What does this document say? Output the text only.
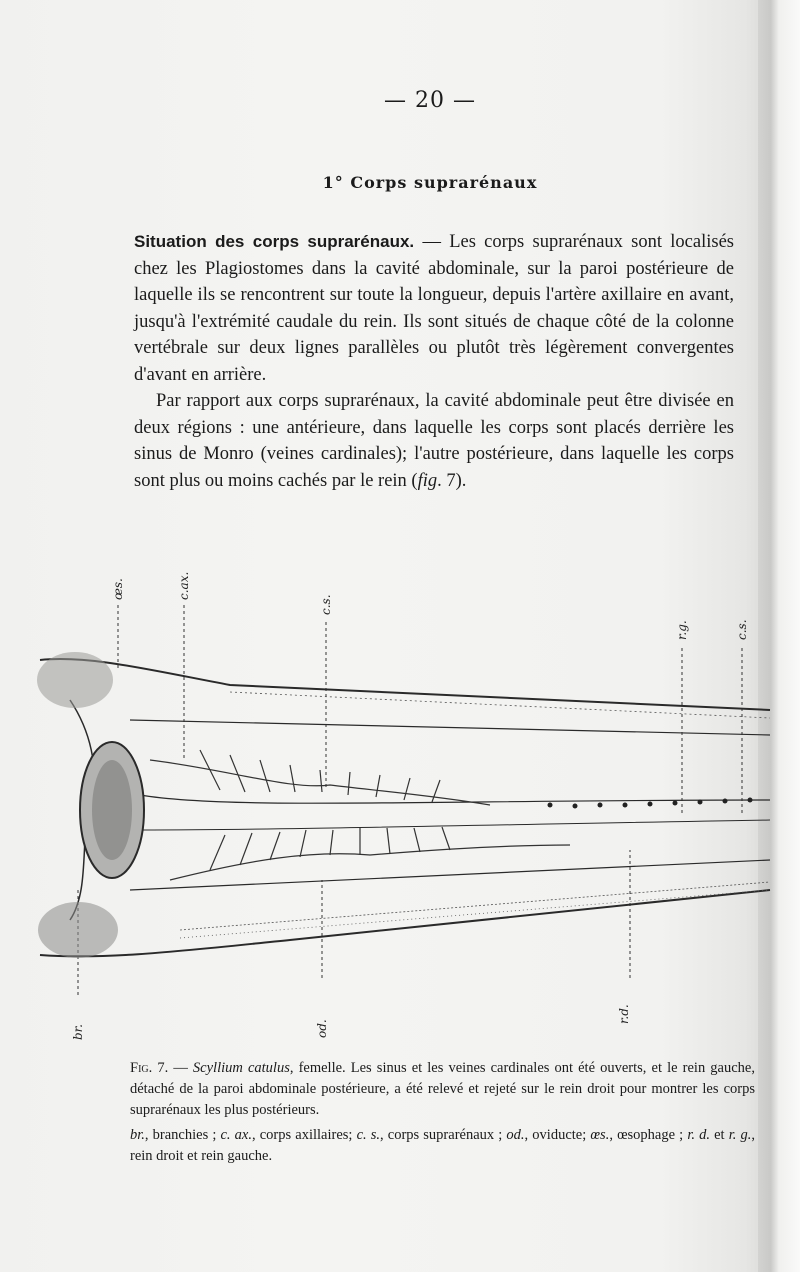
— 20 —
1° Corps suprarénaux

Situation des corps suprarénaux. — Les corps suprarénaux sont localisés chez les Plagiostomes dans la cavité abdominale, sur la paroi postérieure de laquelle ils se rencontrent sur toute la longueur, depuis l'artère axillaire en avant, jusqu'à l'extrémité caudale du rein. Ils sont situés de chaque côté de la colonne vertébrale sur deux lignes parallèles ou plutôt très légèrement convergentes d'avant en arrière.

Par rapport aux corps suprarénaux, la cavité abdominale peut être divisée en deux régions : une antérieure, dans laquelle les corps sont placés derrière les sinus de Monro (veines cardinales); l'autre postérieure, dans laquelle les corps sont plus ou moins cachés par le rein (fig. 7).

br.
œs.	c.ax.
c.s.
r.g.	c.s.
od.
r.d.

Fig. 7. — Scyllium catulus, femelle. Les sinus et les veines cardinales ont été ouverts, et le rein gauche, détaché de la paroi abdominale postérieure, a été relevé et rejeté sur le rein droit pour montrer les corps suprarénaux les plus postérieurs.

br., branchies ; c. ax., corps axillaires; c. s., corps suprarénaux ; od., oviducte; œs., œsophage ; r. d. et r. g., rein droit et rein gauche.
